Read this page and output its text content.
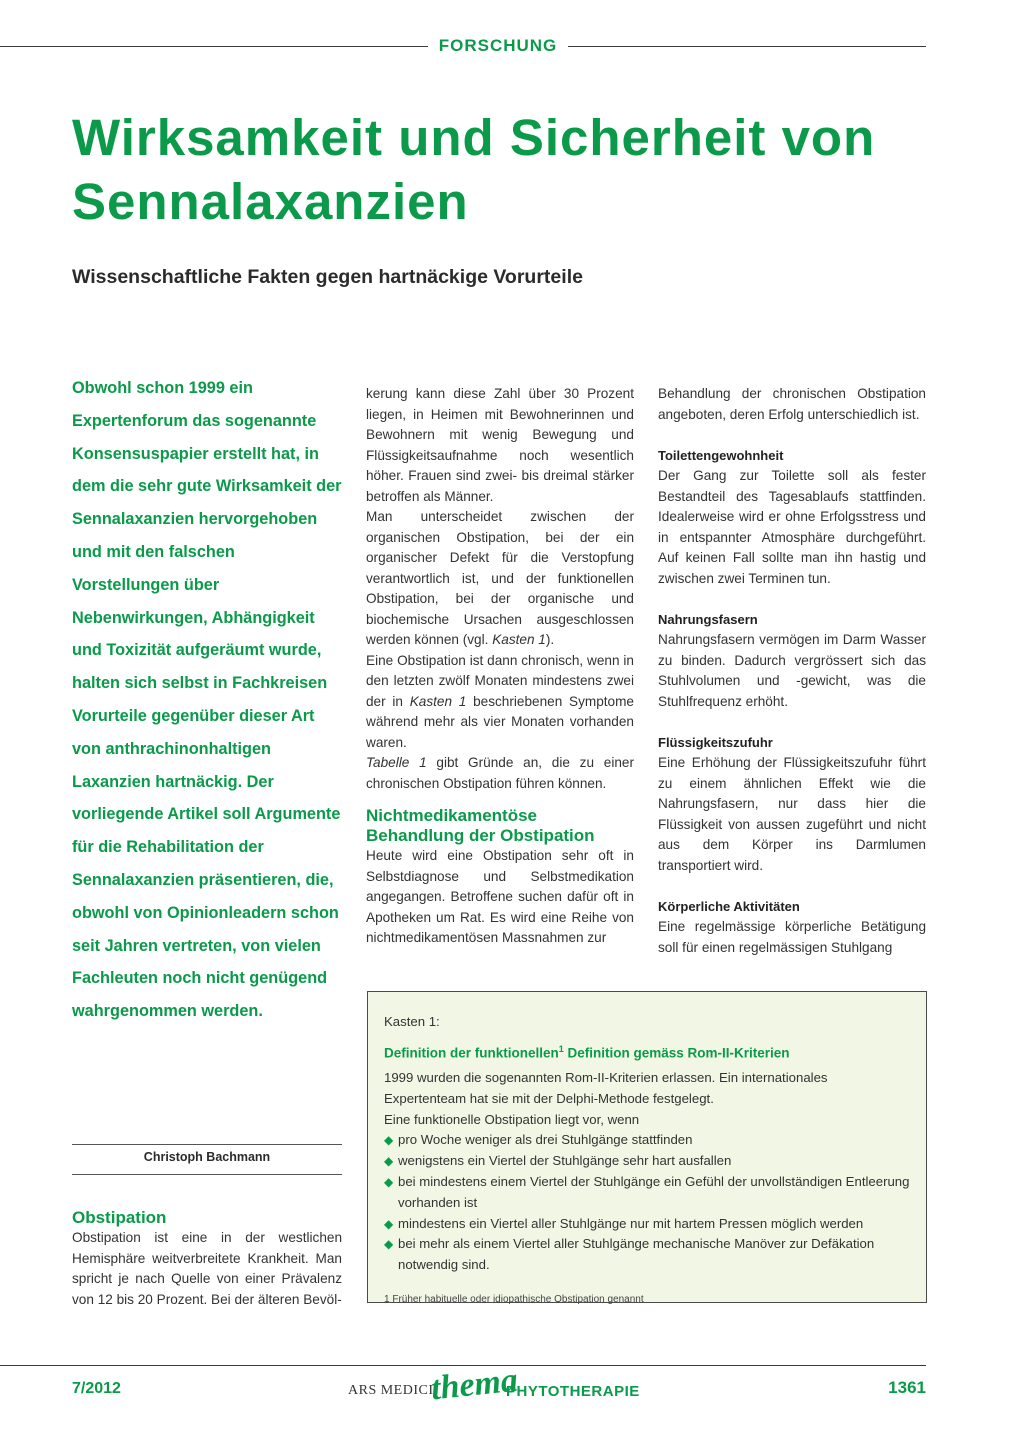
FORSCHUNG
Wirksamkeit und Sicherheit von Sennalaxanzien
Wissenschaftliche Fakten gegen hartnäckige Vorurteile
Obwohl schon 1999 ein Expertenforum das sogenannte Konsensuspapier erstellt hat, in dem die sehr gute Wirksamkeit der Sennalaxanzien hervorgehoben und mit den falschen Vorstellungen über Nebenwirkungen, Abhängigkeit und Toxizität aufgeräumt wurde, halten sich selbst in Fachkreisen Vorurteile gegenüber dieser Art von anthrachinonhaltigen Laxanzien hartnäckig. Der vorliegende Artikel soll Argumente für die Rehabilitation der Sennalaxanzien präsentieren, die, obwohl von Opinionleadern schon seit Jahren vertreten, von vielen Fachleuten noch nicht genügend wahrgenommen werden.
Christoph Bachmann
Obstipation

Obstipation ist eine in der westlichen Hemisphäre weitverbreitete Krankheit. Man spricht je nach Quelle von einer Prävalenz von 12 bis 20 Prozent. Bei der älteren Bevöl-

kerung kann diese Zahl über 30 Prozent liegen, in Heimen mit Bewohnerinnen und Bewohnern mit wenig Bewegung und Flüssigkeitsaufnahme noch wesentlich höher. Frauen sind zwei- bis dreimal stärker betroffen als Männer.

Man unterscheidet zwischen der organischen Obstipation, bei der ein organischer Defekt für die Verstopfung verantwortlich ist, und der funktionellen Obstipation, bei der organische und biochemische Ursachen ausgeschlossen werden können (vgl. Kasten 1).

Eine Obstipation ist dann chronisch, wenn in den letzten zwölf Monaten mindestens zwei der in Kasten 1 beschriebenen Symptome während mehr als vier Monaten vorhanden waren.

Tabelle 1 gibt Gründe an, die zu einer chronischen Obstipation führen können.

Nichtmedikamentöse Behandlung der Obstipation

Heute wird eine Obstipation sehr oft in Selbstdiagnose und Selbstmedikation angegangen. Betroffene suchen dafür oft in Apotheken um Rat. Es wird eine Reihe von nichtmedikamentösen Massnahmen zur

Behandlung der chronischen Obstipation angeboten, deren Erfolg unterschiedlich ist.

Toilettengewohnheit

Der Gang zur Toilette soll als fester Bestandteil des Tagesablaufs stattfinden. Idealerweise wird er ohne Erfolgsstress und in entspannter Atmosphäre durchgeführt. Auf keinen Fall sollte man ihn hastig und zwischen zwei Terminen tun.

Nahrungsfasern

Nahrungsfasern vermögen im Darm Wasser zu binden. Dadurch vergrössert sich das Stuhlvolumen und -gewicht, was die Stuhlfrequenz erhöht.

Flüssigkeitszufuhr

Eine Erhöhung der Flüssigkeitszufuhr führt zu einem ähnlichen Effekt wie die Nahrungsfasern, nur dass hier die Flüssigkeit von aussen zugeführt und nicht aus dem Körper ins Darmlumen transportiert wird.

Körperliche Aktivitäten

Eine regelmässige körperliche Betätigung soll für einen regelmässigen Stuhlgang

Kasten 1:

Definition der funktionellen$^1$ Definition gemäss Rom-II-Kriterien

1999 wurden die sogenannten Rom-II-Kriterien erlassen. Ein internationales Expertenteam hat sie mit der Delphi-Methode festgelegt.

Eine funktionelle Obstipation liegt vor, wenn

◆ pro Woche weniger als drei Stuhlgänge stattfinden
◆ wenigstens ein Viertel der Stuhlgänge sehr hart ausfallen
◆ bei mindestens einem Viertel der Stuhlgänge ein Gefühl der unvollständigen Entleerung vorhanden ist
◆ mindestens ein Viertel aller Stuhlgänge nur mit hartem Pressen möglich werden
◆ bei mehr als einem Viertel aller Stuhlgänge mechanische Manöver zur Defäkation notwendig sind.

1 Früher habituelle oder idiopathische Obstipation genannt

7/2012	ARS MEDICI
thema
PHYTOTHERAPIE	1361
